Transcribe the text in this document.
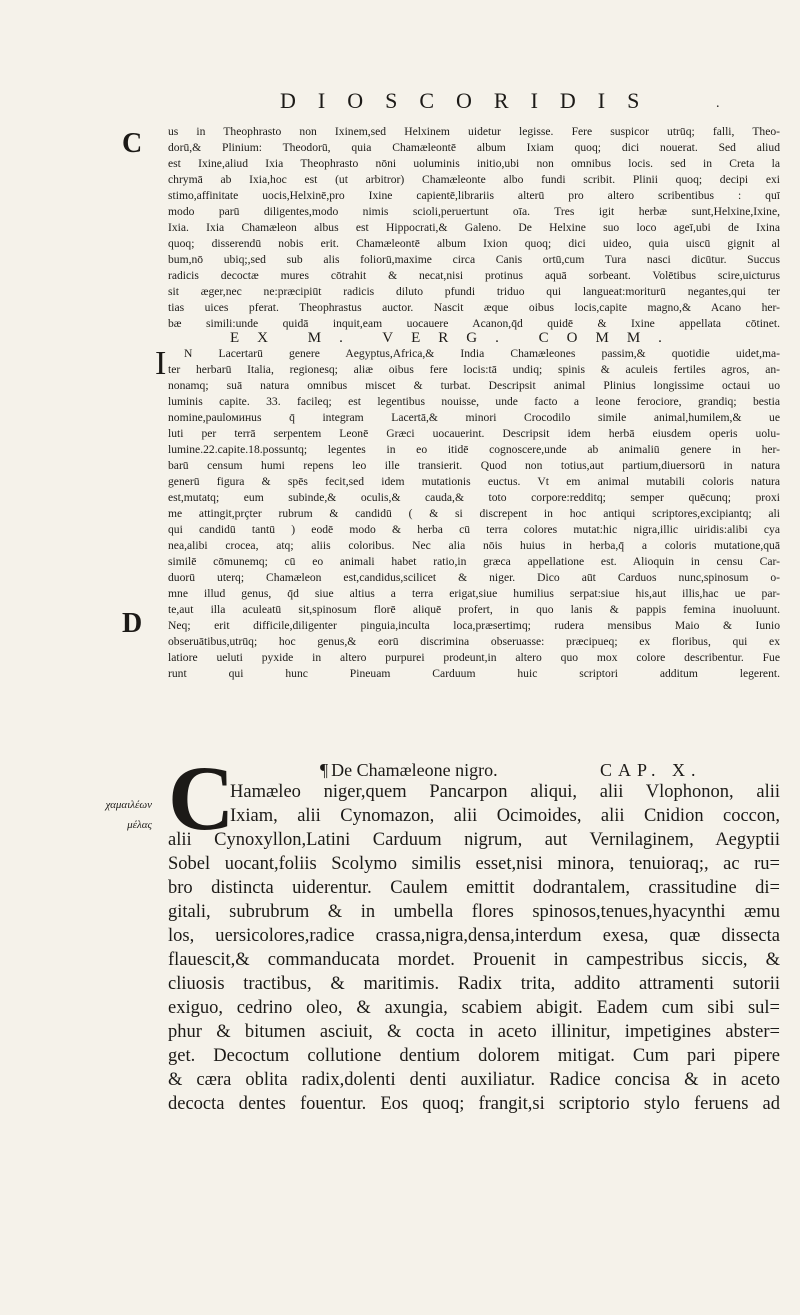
DIOSCORIDIS	.
C
D
χαμαιλέων
μέλας
us in Theophrasto non Ixinem,sed Helxinem uidetur legisse. Fere suspicor utrūq; falli, Theo-
dorū,& Plinium: Theodorū, quia Chamæleontē album Ixiam quoq; dici nouerat. Sed aliud
est Ixine,aliud Ixia Theophrasto nōni uoluminis initio,ubi non omnibus locis. sed in Creta la
chrymā ab Ixia,hoc est (ut arbitror) Chamæleonte albo fundi scribit. Plinii quoq; decipi exi
stimo,affinitate uocis,Helxinē,pro Ixine capientē,librariis alterū pro altero scribentibus : quī
modo parū diligentes,modo nimis scioli,peruertunt oīa. Tres igit herbæ sunt,Helxine,Ixine,
Ixia. Ixia Chamæleon albus est Hippocrati,& Galeno. De Helxine suo loco ageī,ubi de Ixina
quoq; disserendū nobis erit. Chamæleontē album Ixion quoq; dici uideo, quia uiscū gignit al
bum,nō ubiq;,sed sub alis foliorū,maxime circa Canis ortū,cum Tura nasci dicūtur. Succus
radicis decoctæ mures cōtrahit & necat,nisi protinus aquā sorbeant. Volētibus scire,uicturus
sit æger,nec ne:præcipiūt radicis diluto pfundi triduo qui langueat:moriturū negantes,qui ter
tias uices pferat. Theophrastus auctor. Nascit æque oibus locis,capite magno,& Acano her-
bæ simili:unde quidā inquit,eam uocauere Acanon,q̄d quidē & Ixine appellata cōtinet.
EX M. VERG. COMM.
I	N Lacertarū genere Aegyptus,Africa,& India Chamæleones passim,& quotidie uidet,ma-
ter herbarū Italia, regionesq; aliæ oibus fere locis:tā undiq; spinis & aculeis fertiles agros, an-
nonamq; suā natura omnibus miscet & turbat. Descripsit animal Plinius longissime octaui uo
luminis capite. 33. facileq; est legentibus nouisse, unde facto a leone ferociore, grandiq; bestia
nomine,pauloминus q̄ integram Lacertā,& minori Crocodilo simile animal,humilem,& ue
luti per terrā serpentem Leonē Græci uocauerint. Descripsit idem herbā eiusdem operis uolu-
lumine.22.capite.18.possuntq; legentes in eo itidē cognoscere,unde ab animaliū genere in her-
barū censum humi repens leo ille transierit. Quod non totius,aut partium,diuersorū in natura
generū figura & spēs fecit,sed idem mutationis euctus. Vt em animal mutabili coloris natura
est,mutatq; eum subinde,& oculis,& cauda,& toto corpore:redditq; semper quēcunq; proxi
me attingit,prçter rubrum & candidū ( & si discrepent in hoc antiqui scriptores,excipiantq; ali
qui candidū tantū ) eodē modo & herba cū terra colores mutat:hic nigra,illic uiridis:alibi cya
nea,alibi crocea, atq; aliis coloribus. Nec alia nōis huius in herba,q̄ a coloris mutatione,quā
similē cōmunemq; cū eo animali habet ratio,in græca appellatione est. Alioquin in censu Car-
duorū uterq; Chamæleon est,candidus,scilicet & niger. Dico aūt Carduos nunc,spinosum o-
mne illud genus, q̄d siue altius a terra erigat,siue humilius serpat:siue his,aut illis,hac ue par-
te,aut illa aculeatū sit,spinosum florē aliquē profert, in quo lanis & pappis femina inuoluunt.
Neq; erit difficile,diligenter pinguia,inculta loca,præsertimq; rudera mensibus Maio & Iunio
obseruātibus,utrūq; hoc genus,& eorū discrimina obseruasse: præcipueq; ex floribus, qui ex
latiore ueluti pyxide in altero purpurei prodeunt,in altero quo mox colore describentur. Fue
runt qui hunc Pineuam Carduum huic scriptori additum legerent.
¶ De Chamæleone nigro.	CAP. X.
C
Hamæleo niger,quem Pancarpon aliqui, alii Vlophonon, alii
Ixiam, alii Cynomazon, alii Ocimoides, alii Cnidion coccon,
alii Cynoxyllon,Latini Carduum nigrum, aut Vernilaginem, Aegyptii
Sobel uocant,foliis Scolymo similis esset,nisi minora, tenuioraq;, ac ru=
bro distincta uiderentur. Caulem emittit dodrantalem, crassitudine di=
gitali, subrubrum & in umbella flores spinosos,tenues,hyacynthi æmu
los, uersicolores,radice crassa,nigra,densa,interdum exesa, quæ dissecta
flauescit,& commanducata mordet. Prouenit in campestribus siccis, &
cliuosis tractibus, & maritimis. Radix trita, addito attramenti sutorii
exiguo, cedrino oleo, & axungia, scabiem abigit. Eadem cum sibi sul=
phur & bitumen asciuit, & cocta in aceto illinitur, impetigines abster=
get. Decoctum collutione dentium dolorem mitigat. Cum pari pipere
& cæra oblita radix,dolenti denti auxiliatur. Radice concisa & in aceto
decocta dentes fouentur. Eos quoq; frangit,si scriptorio stylo feruens ad
